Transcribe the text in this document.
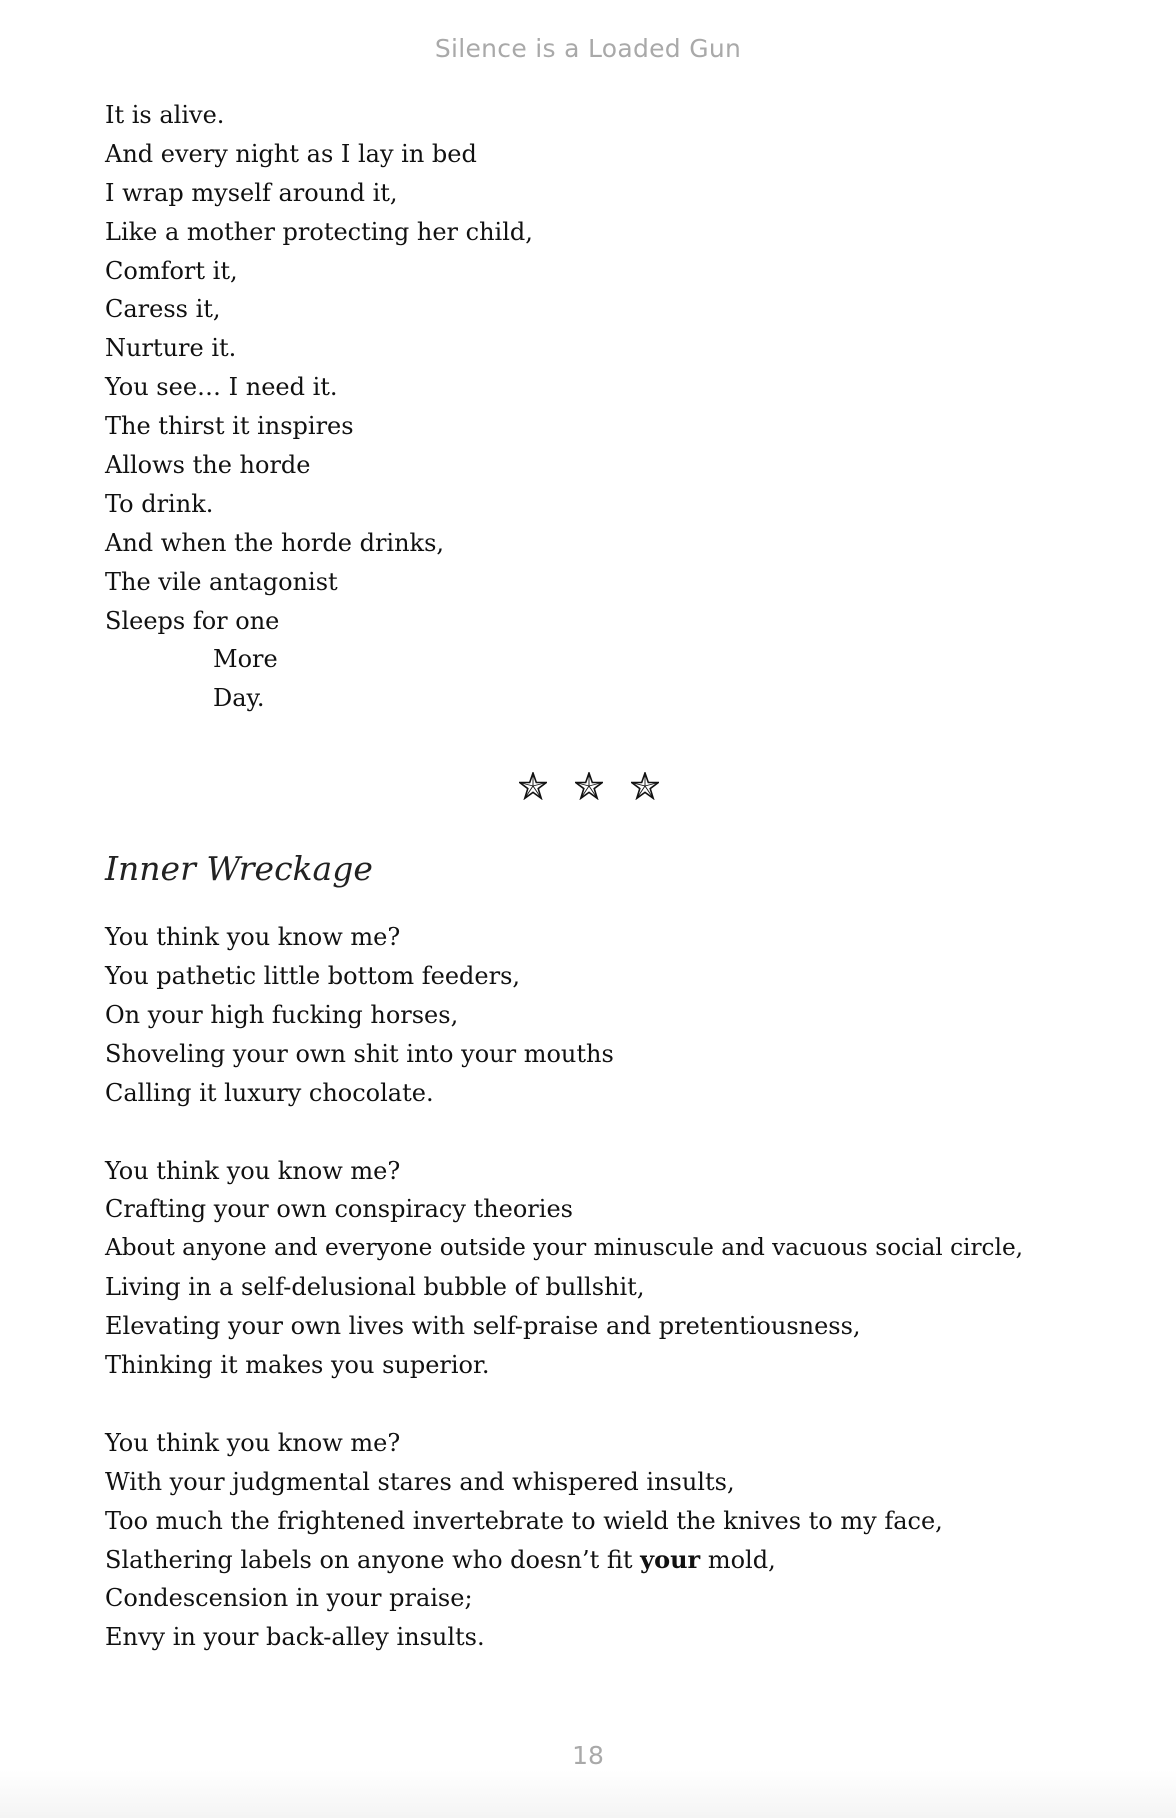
Silence is a Loaded Gun
It is alive.
And every night as I lay in bed
I wrap myself around it,
Like a mother protecting her child,
Comfort it,
Caress it,
Nurture it.
You see… I need it.
The thirst it inspires
Allows the horde
To drink.
And when the horde drinks,
The vile antagonist
Sleeps for one
More
Day.
Inner Wreckage
You think you know me?
You pathetic little bottom feeders,
On your high fucking horses,
Shoveling your own shit into your mouths
Calling it luxury chocolate.
You think you know me?
Crafting your own conspiracy theories
About anyone and everyone outside your minuscule and vacuous social circle,
Living in a self-delusional bubble of bullshit,
Elevating your own lives with self-praise and pretentiousness,
Thinking it makes you superior.
You think you know me?
With your judgmental stares and whispered insults,
Too much the frightened invertebrate to wield the knives to my face,
Slathering labels on anyone who doesn’t fit your mold,
Condescension in your praise;
Envy in your back-alley insults.
18
